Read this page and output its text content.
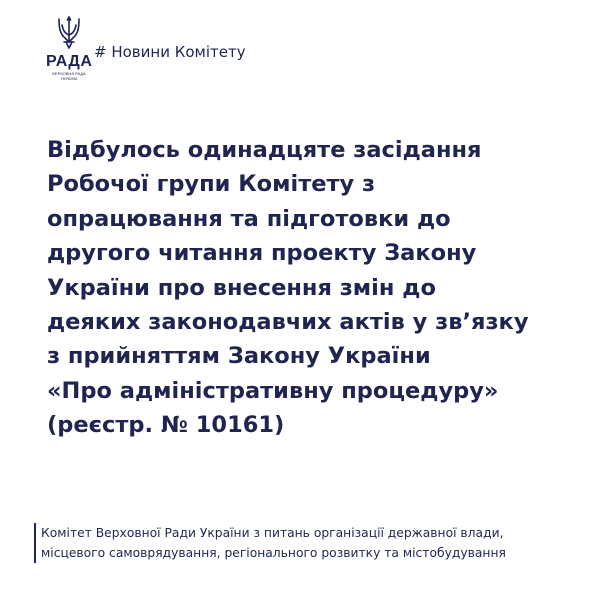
РАДА
ВЕРХОВНА РАДА
УКРАЇНИ
# Новини Комітету
Відбулось одинадцяте засідання
Робочої групи Комітету з
опрацювання та підготовки до
другого читання проекту Закону
України про внесення змін до
деяких законодавчих актів у зв’язку
з прийняттям Закону України
«Про адміністративну процедуру»
(реєстр. № 10161)
Комітет Верховної Ради України з питань організації державної влади,
місцевого самоврядування, регіонального розвитку та містобудування
